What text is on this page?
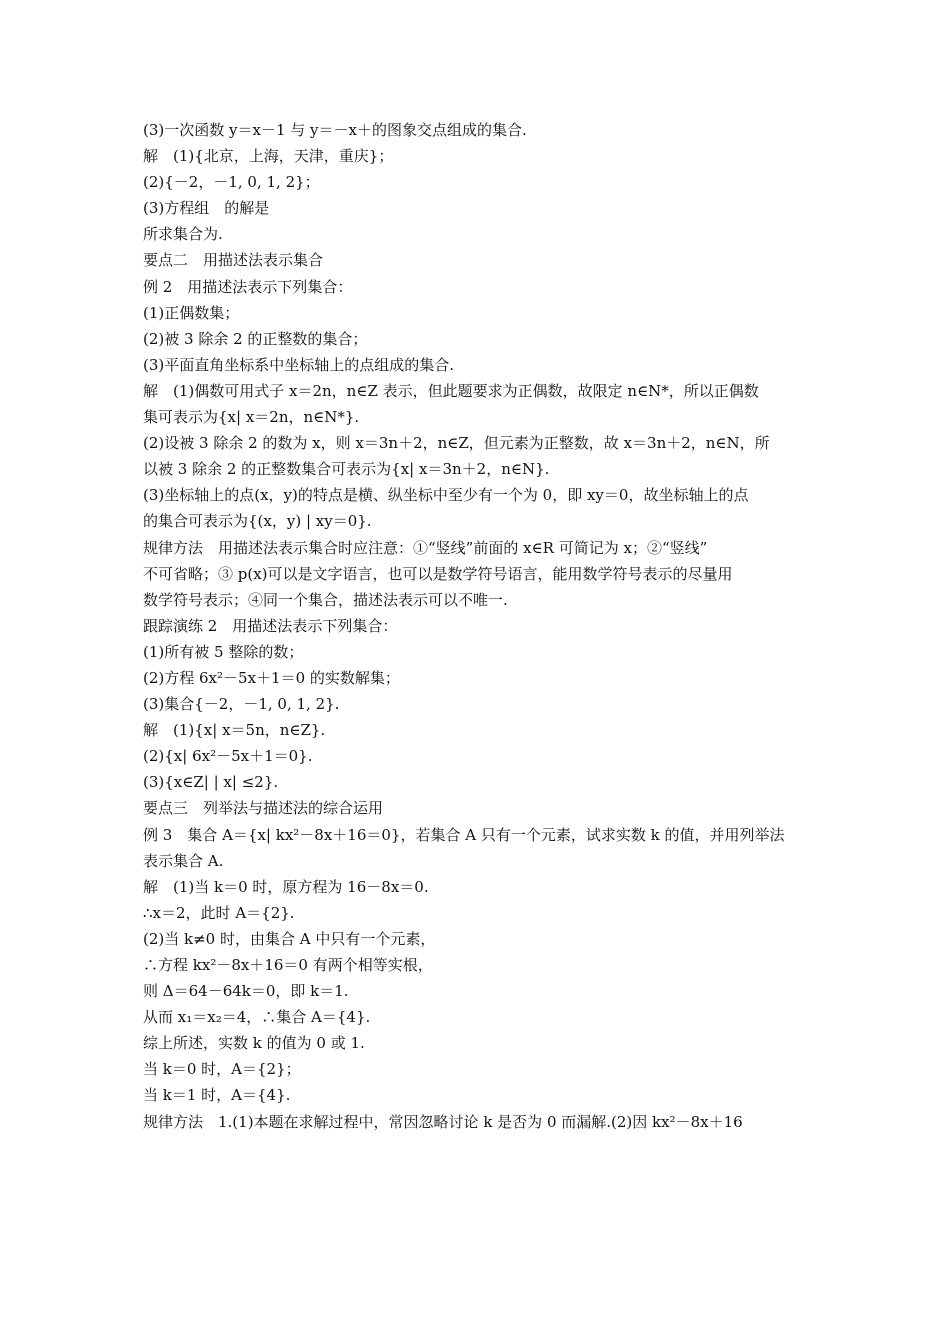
(3)一次函数 y＝x－1 与 y＝－x＋的图象交点组成的集合.
解　(1){北京，上海，天津，重庆}；
(2){－2，－1, 0, 1, 2}；
(3)方程组　的解是
所求集合为.
要点二　用描述法表示集合
例 2　用描述法表示下列集合：
(1)正偶数集；
(2)被 3 除余 2 的正整数的集合；
(3)平面直角坐标系中坐标轴上的点组成的集合.
解　(1)偶数可用式子 x＝2n，n∈Z 表示，但此题要求为正偶数，故限定 n∈N*，所以正偶数
集可表示为{x| x＝2n，n∈N*}.
(2)设被 3 除余 2 的数为 x，则 x＝3n＋2，n∈Z，但元素为正整数，故 x＝3n＋2，n∈N，所
以被 3 除余 2 的正整数集合可表示为{x| x＝3n＋2，n∈N}.
(3)坐标轴上的点(x，y)的特点是横、纵坐标中至少有一个为 0，即 xy＝0，故坐标轴上的点
的集合可表示为{(x，y) | xy＝0}.
规律方法　用描述法表示集合时应注意：①“竖线”前面的 x∈R 可简记为 x；②“竖线”
不可省略；③ p(x)可以是文字语言，也可以是数学符号语言，能用数学符号表示的尽量用
数学符号表示；④同一个集合，描述法表示可以不唯一.
跟踪演练 2　用描述法表示下列集合：
(1)所有被 5 整除的数；
(2)方程 6x²－5x＋1＝0 的实数解集；
(3)集合{－2，－1, 0, 1, 2}.
解　(1){x| x＝5n，n∈Z}.
(2){x| 6x²－5x＋1＝0}.
(3){x∈Z| | x| ≤2}.
要点三　列举法与描述法的综合运用
例 3　集合 A＝{x| kx²－8x＋16＝0}，若集合 A 只有一个元素，试求实数 k 的值，并用列举法
表示集合 A.
解　(1)当 k＝0 时，原方程为 16－8x＝0.
∴x＝2，此时 A＝{2}.
(2)当 k≠0 时，由集合 A 中只有一个元素，
∴方程 kx²－8x＋16＝0 有两个相等实根，
则 Δ＝64－64k＝0，即 k＝1.
从而 x₁＝x₂＝4，∴集合 A＝{4}.
综上所述，实数 k 的值为 0 或 1.
当 k＝0 时，A＝{2}；
当 k＝1 时，A＝{4}.
规律方法　1.(1)本题在求解过程中，常因忽略讨论 k 是否为 0 而漏解.(2)因 kx²－8x＋16
